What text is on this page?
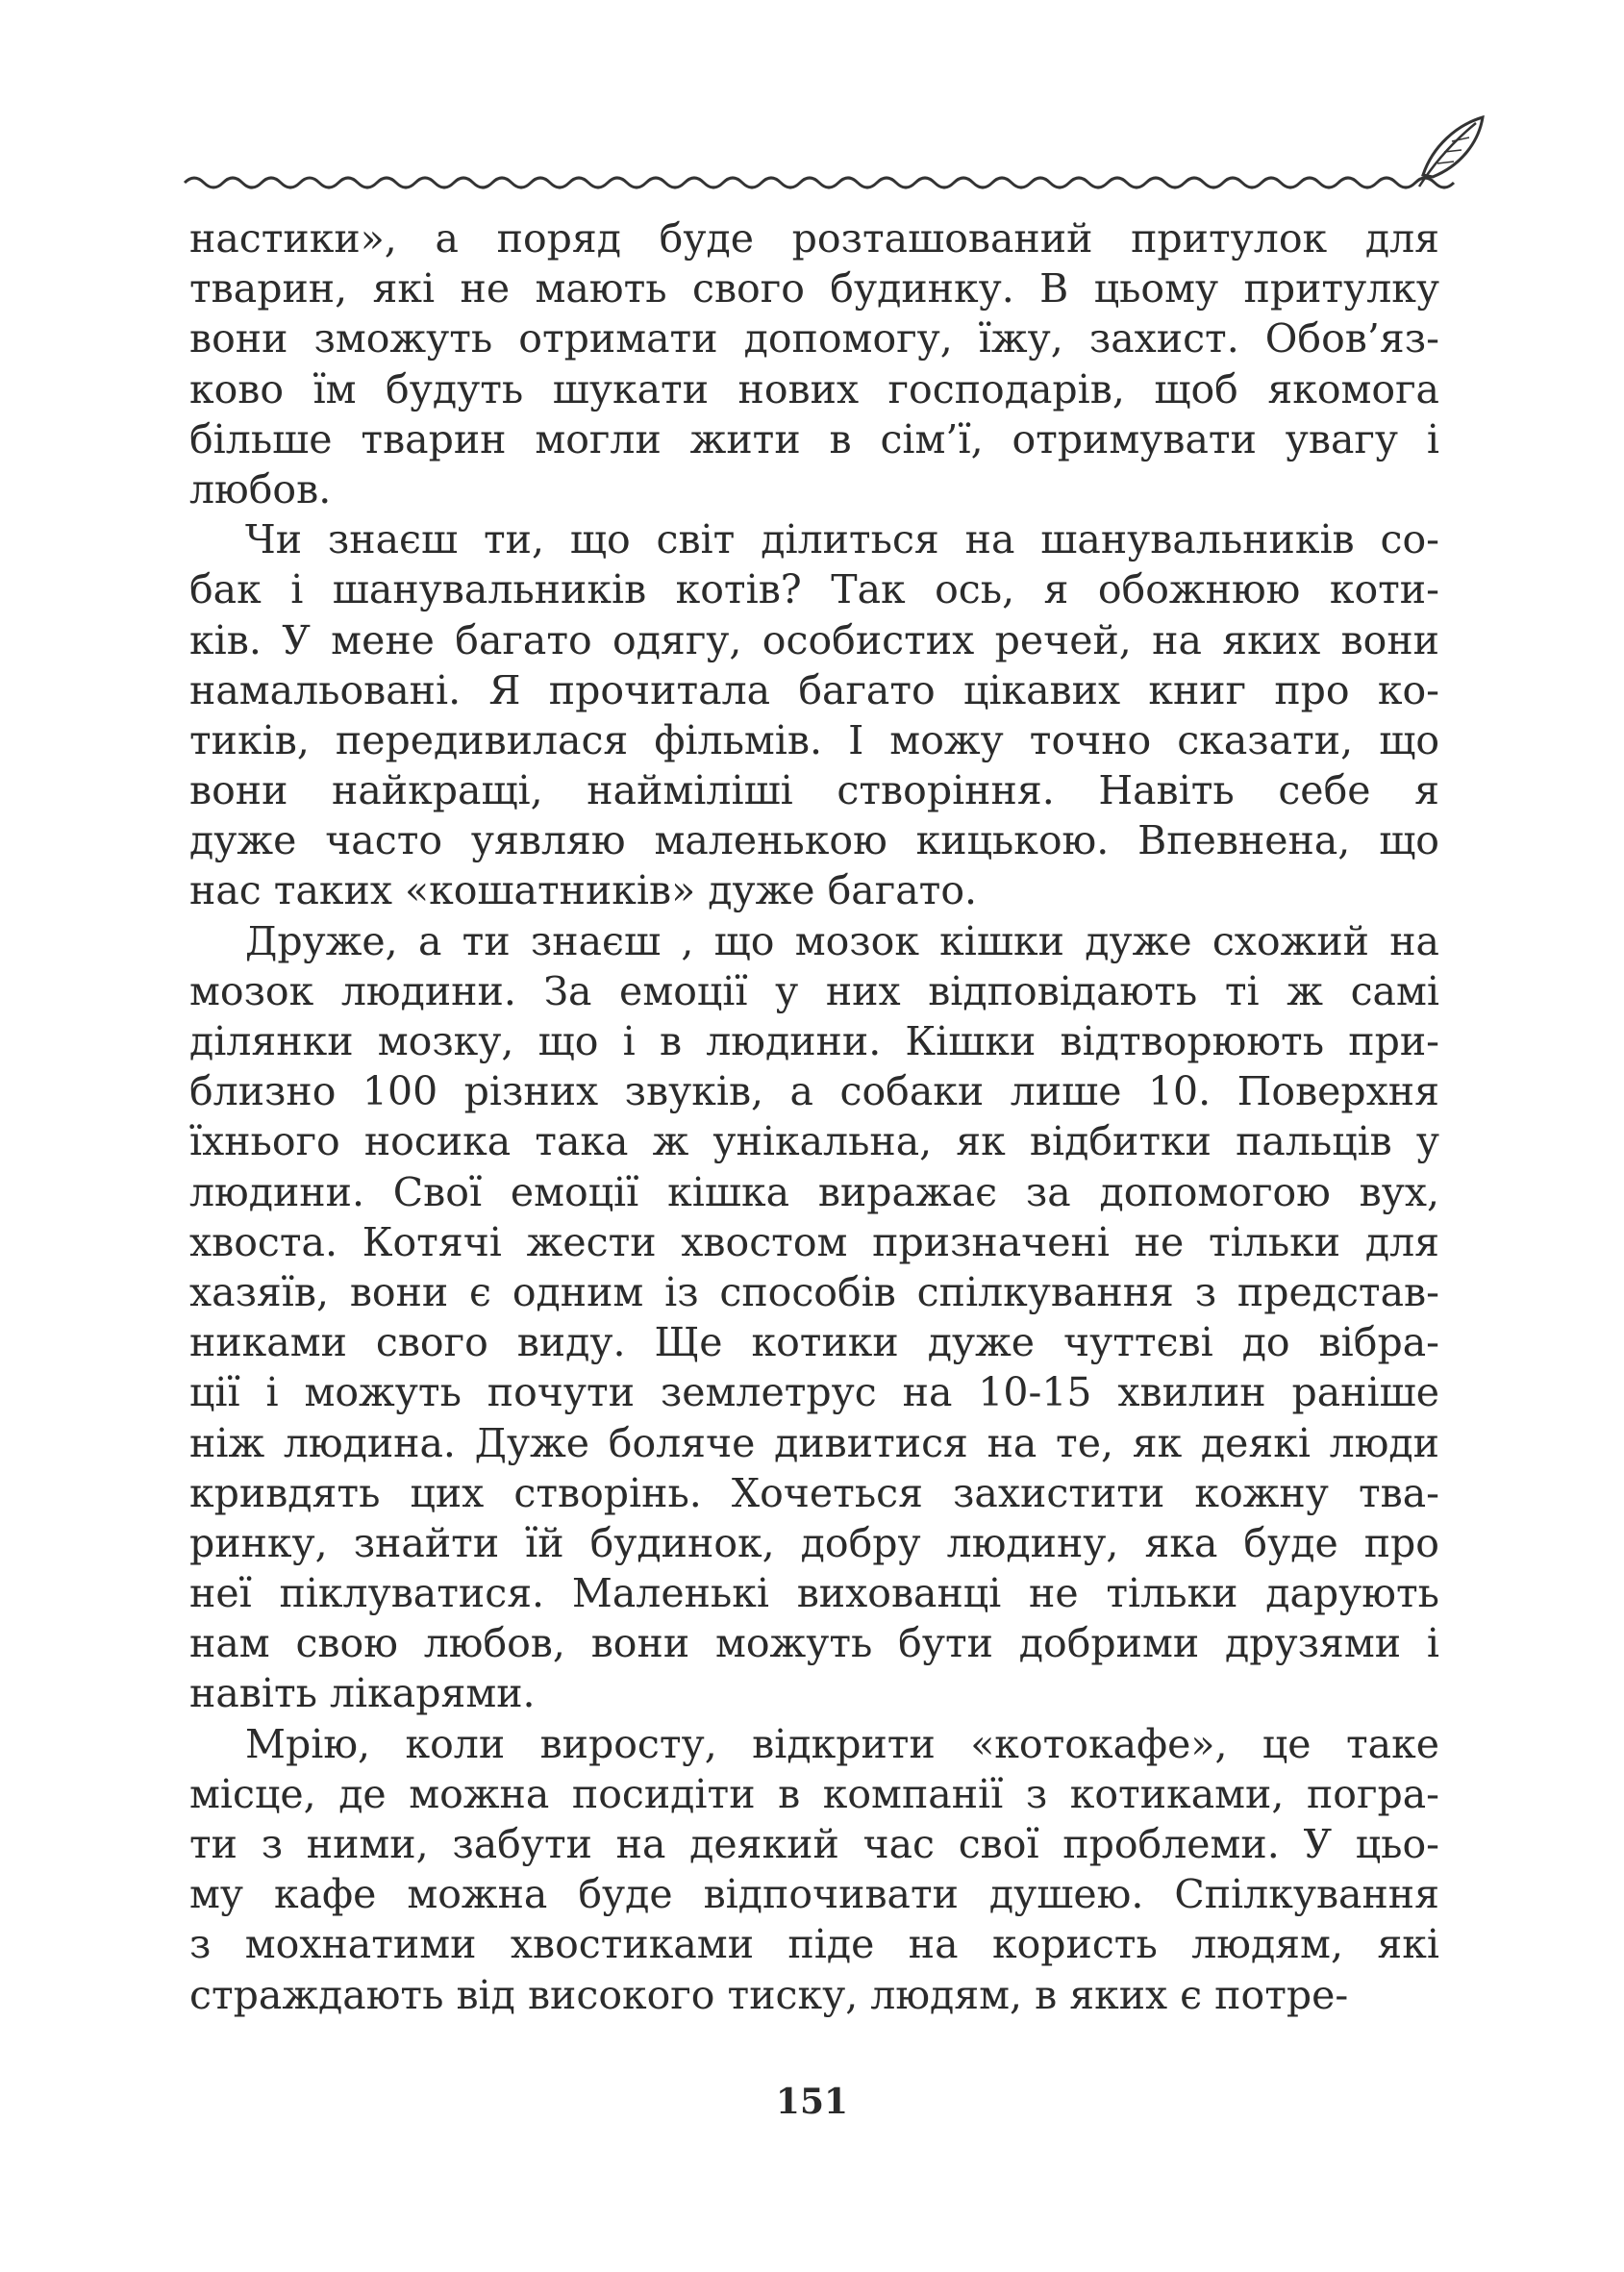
настики», а поряд буде розташований притулок для
тварин, які не мають свого будинку. В цьому притулку
вони зможуть отримати допомогу, їжу, захист. Обов’яз-
ково їм будуть шукати нових господарів, щоб якомога
більше тварин могли жити в сім’ї, отримувати увагу і
любов.
Чи знаєш ти, що світ ділиться на шанувальників со-
бак і шанувальників котів? Так ось, я обожнюю коти-
ків. У мене багато одягу, особистих речей, на яких вони
намальовані. Я прочитала багато цікавих книг про ко-
тиків, передивилася фільмів. І можу точно сказати, що
вони найкращі, найміліші створіння. Навіть себе я
дуже часто уявляю маленькою кицькою. Впевнена, що
нас таких «кошатників» дуже багато.
Друже, а ти знаєш , що мозок кішки дуже схожий на
мозок людини. За емоції у них відповідають ті ж самі
ділянки мозку, що і в людини. Кішки відтворюють при-
близно 100 різних звуків, а собаки лише 10. Поверхня
їхнього носика така ж унікальна, як відбитки пальців у
людини. Свої емоції кішка виражає за допомогою вух,
хвоста. Котячі жести хвостом призначені не тільки для
хазяїв, вони є одним із способів спілкування з представ-
никами свого виду. Ще котики дуже чуттєві до вібра-
ції і можуть почути землетрус на 10-15 хвилин раніше
ніж людина. Дуже боляче дивитися на те, як деякі люди
кривдять цих створінь. Хочеться захистити кожну тва-
ринку, знайти їй будинок, добру людину, яка буде про
неї піклуватися. Маленькі вихованці не тільки дарують
нам свою любов, вони можуть бути добрими друзями і
навіть лікарями.
Мрію, коли виросту, відкрити «котокафе», це таке
місце, де можна посидіти в компанії з котиками, погра-
ти з ними, забути на деякий час свої проблеми. У цьо-
му кафе можна буде відпочивати душею. Спілкування
з мохнатими хвостиками піде на користь людям, які
страждають від високого тиску, людям, в яких є потре-
151
